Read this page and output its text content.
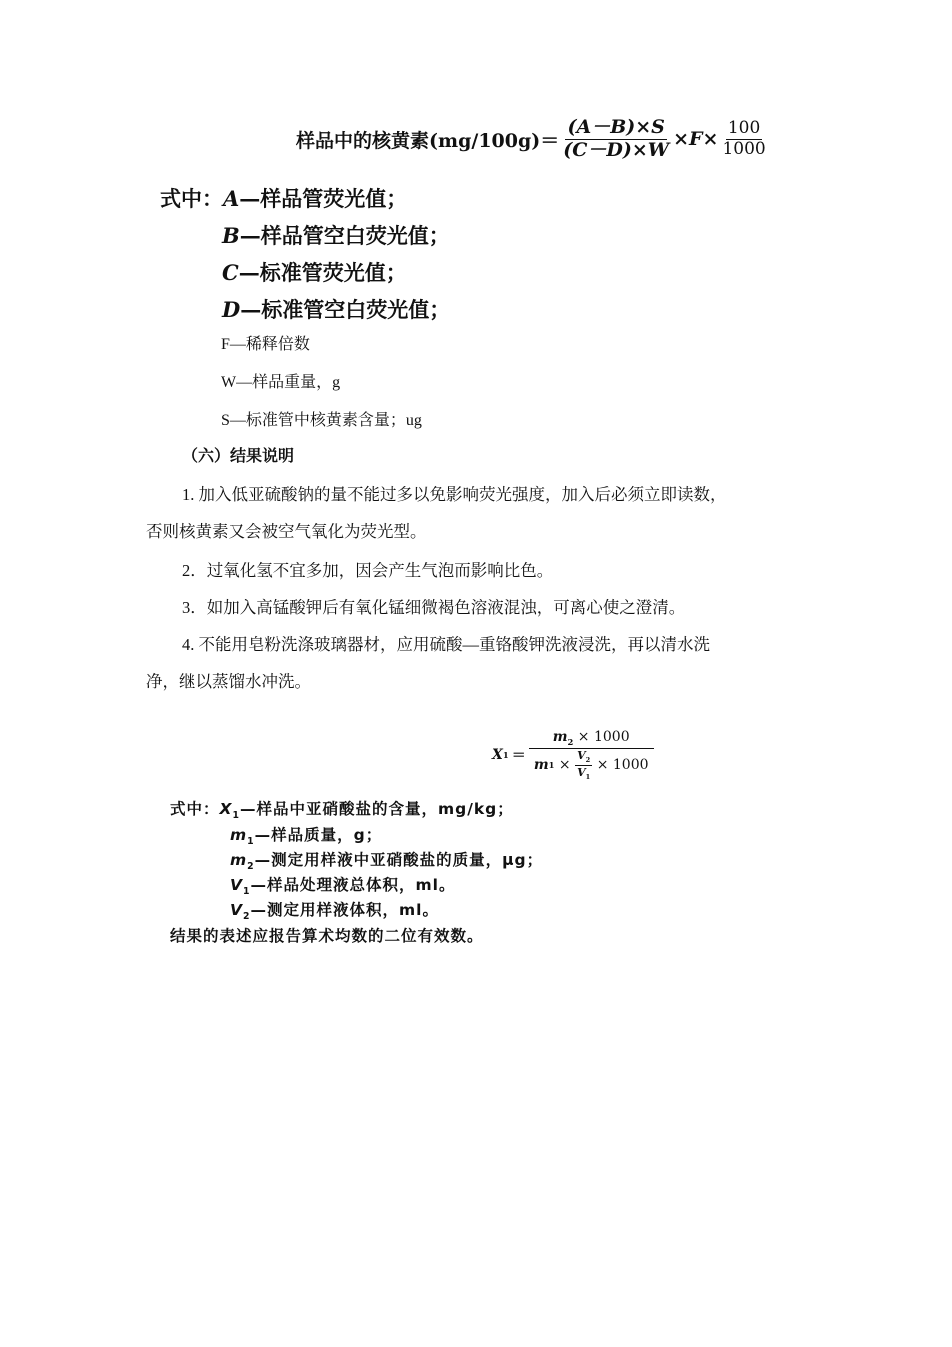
样品中的核黄素$(mg/100g)= \frac{(A-B)\times S}{(C-D)\times W} \times F\times \frac{100}{1000}$
式中：A—样品管荧光值；
B—样品管空白荧光值；
C—标准管荧光值；
D—标准管空白荧光值；
F—稀释倍数
W—样品重量，g
S—标准管中核黄素含量；ug
（六）结果说明
1. 加入低亚硫酸钠的量不能过多以免影响荧光强度，加入后必须立即读数，
否则核黄素又会被空气氧化为荧光型。
2．过氧化氢不宜多加，因会产生气泡而影响比色。
3．如加入高锰酸钾后有氧化锰细微褐色溶液混浊，可离心使之澄清。
4. 不能用皂粉洗涤玻璃器材，应用硫酸—重铬酸钾洗液浸洗，再以清水洗
净，继以蒸馏水冲洗。
X 1 ＝
$m_2 \times 1000$
m $1 \times \frac{V_2}{V_1} \times 1000$
式中：$X_1—$样品中亚硝酸盐的含量，mg/kg；
$m_1—$样品质量，g；
$m_2—$测定用样液中亚硝酸盐的质量，μg；
$V_1—$样品处理液总体积，ml。
$V_2—$测定用样液体积，ml。
结果的表述应报告算术均数的二位有效数。
